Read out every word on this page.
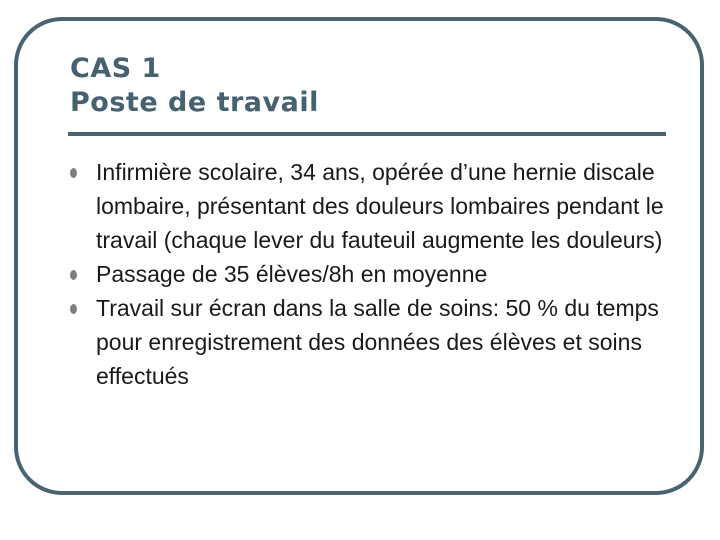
CAS 1
Poste de travail
Infirmière scolaire, 34 ans, opérée d’une hernie discale lombaire, présentant des douleurs lombaires pendant le travail (chaque lever du fauteuil augmente les douleurs)
Passage de 35 élèves/8h en moyenne
Travail sur écran dans la salle de soins: 50 % du temps pour enregistrement des données des élèves et soins effectués
